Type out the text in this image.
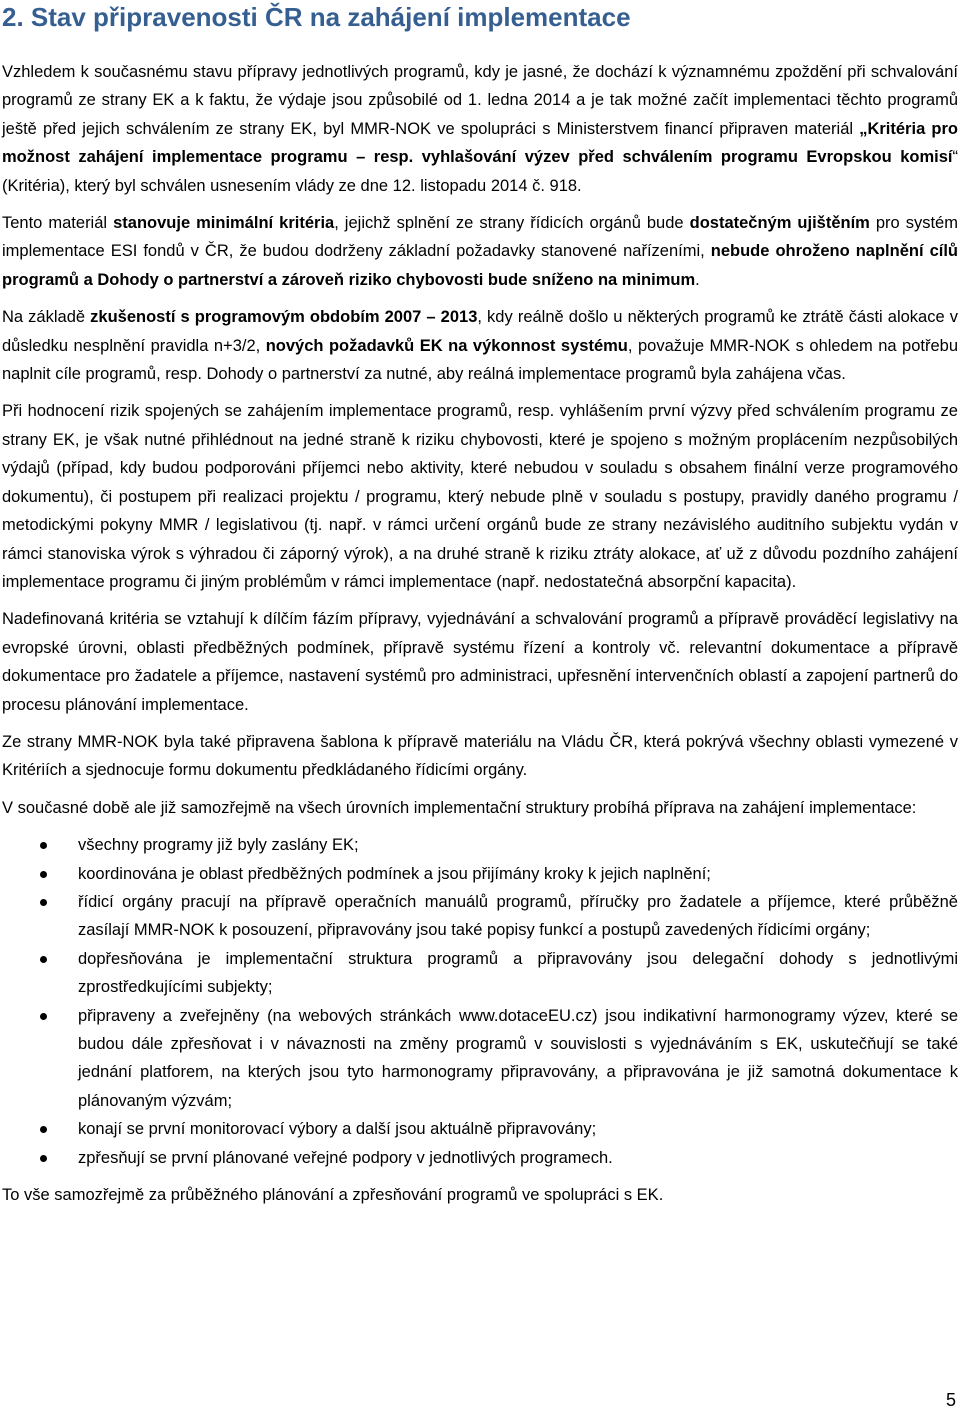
2. Stav připravenosti ČR na zahájení implementace

Vzhledem k současnému stavu přípravy jednotlivých programů, kdy je jasné, že dochází k významnému zpoždění při schvalování programů ze strany EK a k faktu, že výdaje jsou způsobilé od 1. ledna 2014 a je tak možné začít implementaci těchto programů ještě před jejich schválením ze strany EK, byl MMR-NOK ve spolupráci s Ministerstvem financí připraven materiál „Kritéria pro možnost zahájení implementace programu – resp. vyhlašování výzev před schválením programu Evropskou komisí“ (Kritéria), který byl schválen usnesením vlády ze dne 12. listopadu 2014 č. 918.

Tento materiál stanovuje minimální kritéria, jejichž splnění ze strany řídicích orgánů bude dostatečným ujištěním pro systém implementace ESI fondů v ČR, že budou dodrženy základní požadavky stanovené nařízeními, nebude ohroženo naplnění cílů programů a Dohody o partnerství a zároveň riziko chybovosti bude sníženo na minimum.

Na základě zkušeností s programovým obdobím 2007 – 2013, kdy reálně došlo u některých programů ke ztrátě části alokace v důsledku nesplnění pravidla n+3/2, nových požadavků EK na výkonnost systému, považuje MMR-NOK s ohledem na potřebu naplnit cíle programů, resp. Dohody o partnerství za nutné, aby reálná implementace programů byla zahájena včas.

Při hodnocení rizik spojených se zahájením implementace programů, resp. vyhlášením první výzvy před schválením programu ze strany EK, je však nutné přihlédnout na jedné straně k riziku chybovosti, které je spojeno s možným proplácením nezpůsobilých výdajů (případ, kdy budou podporováni příjemci nebo aktivity, které nebudou v souladu s obsahem finální verze programového dokumentu), či postupem při realizaci projektu / programu, který nebude plně v souladu s postupy, pravidly daného programu / metodickými pokyny MMR / legislativou (tj. např. v rámci určení orgánů bude ze strany nezávislého auditního subjektu vydán v rámci stanoviska výrok s výhradou či záporný výrok), a na druhé straně k riziku ztráty alokace, ať už z důvodu pozdního zahájení implementace programu či jiným problémům v rámci implementace (např. nedostatečná absorpční kapacita).

Nadefinovaná kritéria se vztahují k dílčím fázím přípravy, vyjednávání a schvalování programů a přípravě prováděcí legislativy na evropské úrovni, oblasti předběžných podmínek, přípravě systému řízení a kontroly vč. relevantní dokumentace a přípravě dokumentace pro žadatele a příjemce, nastavení systémů pro administraci, upřesnění intervenčních oblastí a zapojení partnerů do procesu plánování implementace.

Ze strany MMR-NOK byla také připravena šablona k přípravě materiálu na Vládu ČR, která pokrývá všechny oblasti vymezené v Kritériích a sjednocuje formu dokumentu předkládaného řídicími orgány.

V současné době ale již samozřejmě na všech úrovních implementační struktury probíhá příprava na zahájení implementace:

všechny programy již byly zaslány EK;
koordinována je oblast předběžných podmínek a jsou přijímány kroky k jejich naplnění;
řídicí orgány pracují na přípravě operačních manuálů programů, příručky pro žadatele a příjemce, které průběžně zasílají MMR-NOK k posouzení, připravovány jsou také popisy funkcí a postupů zavedených řídicími orgány;
dopřesňována je implementační struktura programů a připravovány jsou delegační dohody s jednotlivými zprostředkujícími subjekty;
připraveny a zveřejněny (na webových stránkách www.dotaceEU.cz) jsou indikativní harmonogramy výzev, které se budou dále zpřesňovat i v návaznosti na změny programů v souvislosti s vyjednáváním s EK, uskutečňují se také jednání platforem, na kterých jsou tyto harmonogramy připravovány, a připravována je již samotná dokumentace k plánovaným výzvám;
konají se první monitorovací výbory a další jsou aktuálně připravovány;
zpřesňují se první plánované veřejné podpory v jednotlivých programech.

To vše samozřejmě za průběžného plánování a zpřesňování programů ve spolupráci s EK.

5
